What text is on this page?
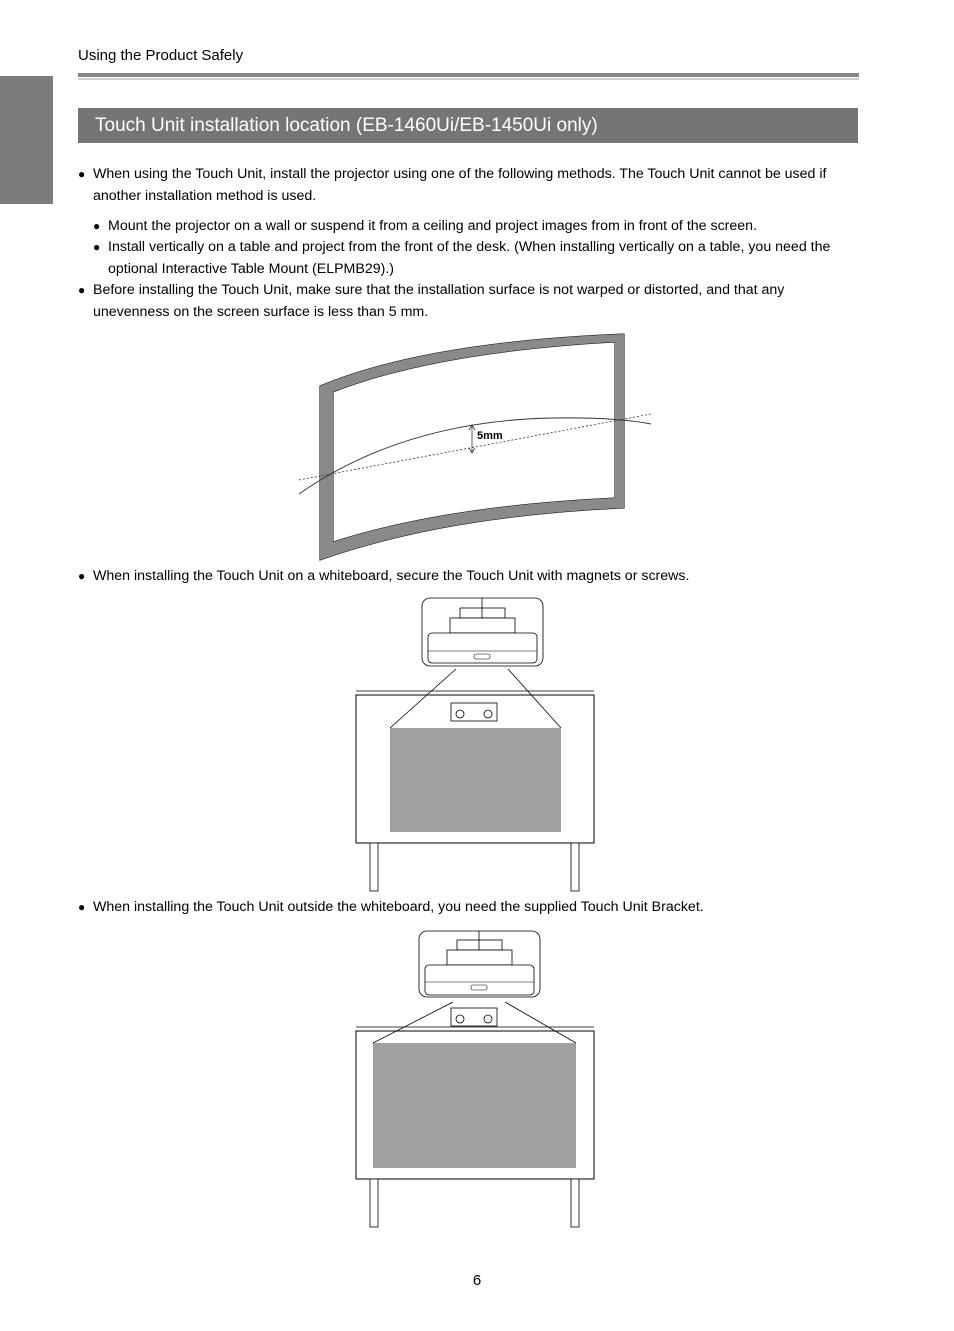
Using the Product Safely
Touch Unit installation location (EB-1460Ui/EB-1450Ui only)
● When using the Touch Unit, install the projector using one of the following methods. The Touch Unit cannot be used if another installation method is used.
● Mount the projector on a wall or suspend it from a ceiling and project images from in front of the screen.
● Install vertically on a table and project from the front of the desk. (When installing vertically on a table, you need the optional Interactive Table Mount (ELPMB29).)
● Before installing the Touch Unit, make sure that the installation surface is not warped or distorted, and that any unevenness on the screen surface is less than 5 mm.
5mm
● When installing the Touch Unit on a whiteboard, secure the Touch Unit with magnets or screws.
● When installing the Touch Unit outside the whiteboard, you need the supplied Touch Unit Bracket.
6
